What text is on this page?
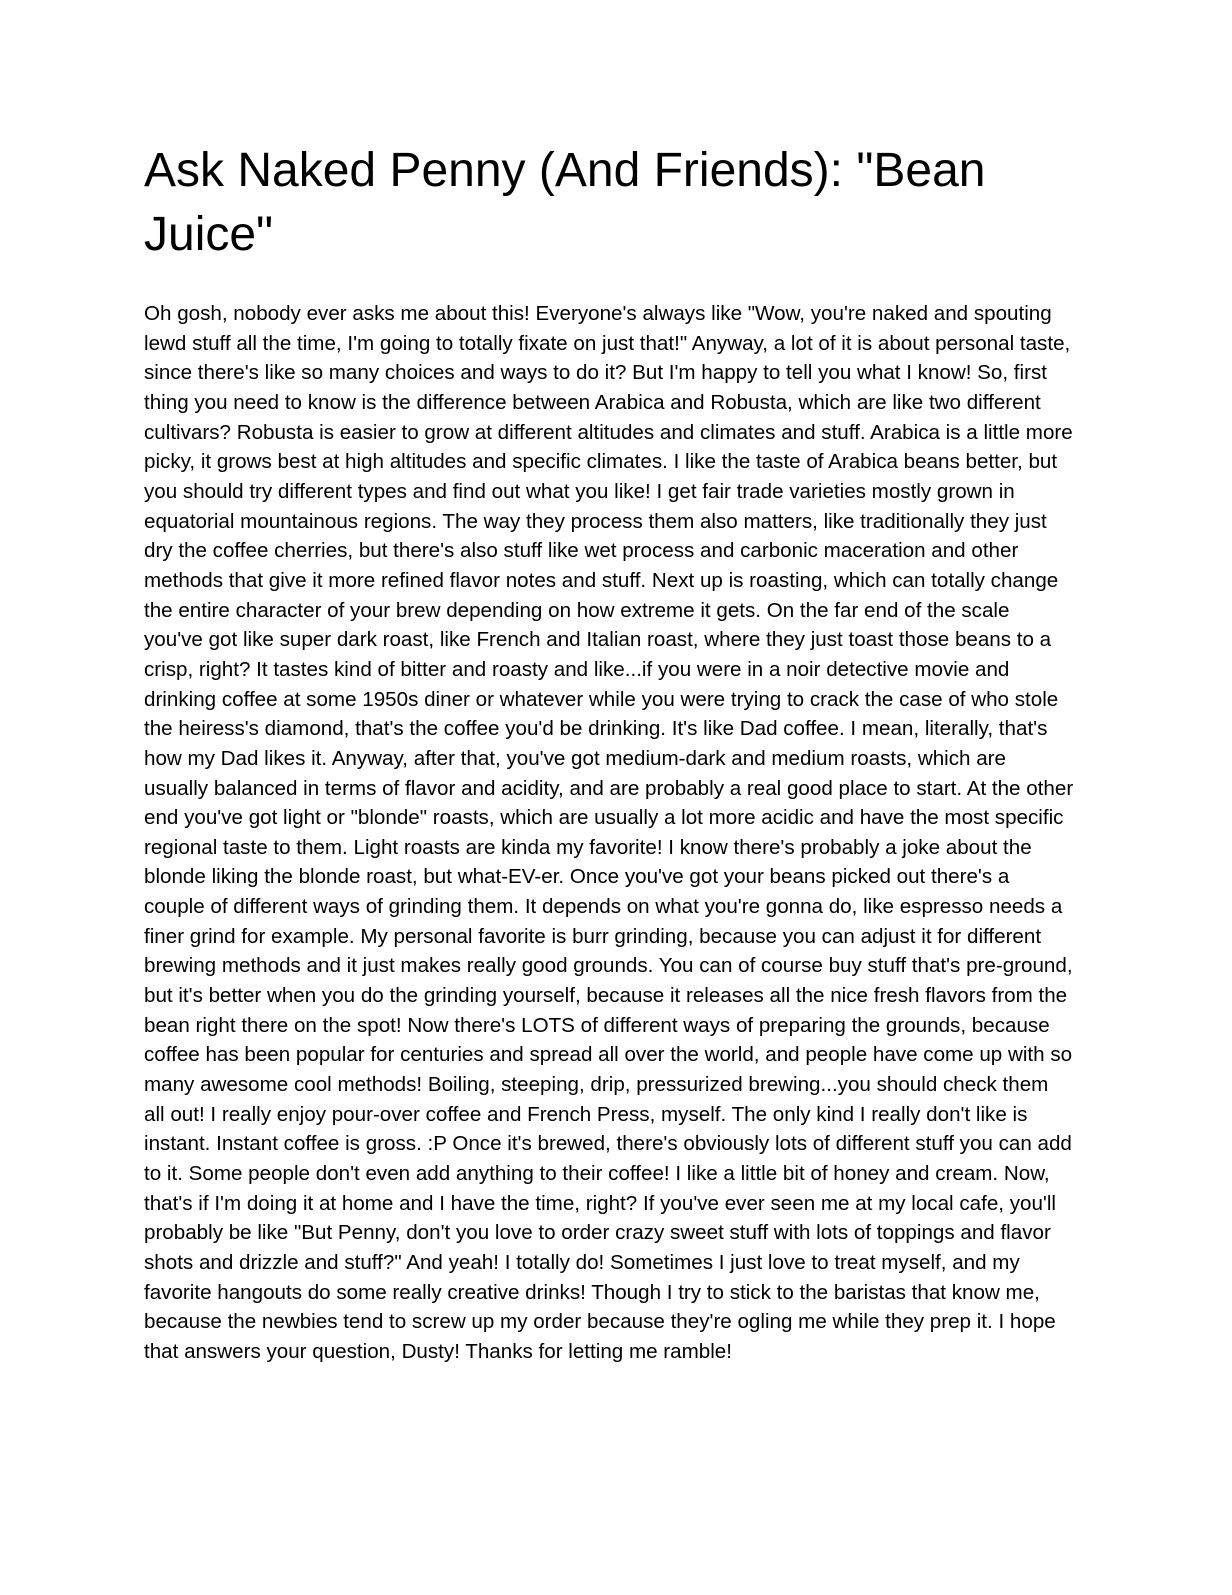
Ask Naked Penny (And Friends): "Bean Juice"

Oh gosh, nobody ever asks me about this! Everyone's always like "Wow, you're naked and spouting lewd stuff all the time, I'm going to totally fixate on just that!" Anyway, a lot of it is about personal taste, since there's like so many choices and ways to do it? But I'm happy to tell you what I know! So, first thing you need to know is the difference between Arabica and Robusta, which are like two different cultivars? Robusta is easier to grow at different altitudes and climates and stuff. Arabica is a little more picky, it grows best at high altitudes and specific climates. I like the taste of Arabica beans better, but you should try different types and find out what you like! I get fair trade varieties mostly grown in equatorial mountainous regions. The way they process them also matters, like traditionally they just dry the coffee cherries, but there's also stuff like wet process and carbonic maceration and other methods that give it more refined flavor notes and stuff. Next up is roasting, which can totally change the entire character of your brew depending on how extreme it gets. On the far end of the scale you've got like super dark roast, like French and Italian roast, where they just toast those beans to a crisp, right? It tastes kind of bitter and roasty and like...if you were in a noir detective movie and drinking coffee at some 1950s diner or whatever while you were trying to crack the case of who stole the heiress's diamond, that's the coffee you'd be drinking. It's like Dad coffee. I mean, literally, that's how my Dad likes it. Anyway, after that, you've got medium-dark and medium roasts, which are usually balanced in terms of flavor and acidity, and are probably a real good place to start. At the other end you've got light or "blonde" roasts, which are usually a lot more acidic and have the most specific regional taste to them. Light roasts are kinda my favorite! I know there's probably a joke about the blonde liking the blonde roast, but what-EV-er. Once you've got your beans picked out there's a couple of different ways of grinding them. It depends on what you're gonna do, like espresso needs a finer grind for example. My personal favorite is burr grinding, because you can adjust it for different brewing methods and it just makes really good grounds. You can of course buy stuff that's pre-ground, but it's better when you do the grinding yourself, because it releases all the nice fresh flavors from the bean right there on the spot! Now there's LOTS of different ways of preparing the grounds, because coffee has been popular for centuries and spread all over the world, and people have come up with so many awesome cool methods! Boiling, steeping, drip, pressurized brewing...you should check them all out! I really enjoy pour-over coffee and French Press, myself. The only kind I really don't like is instant. Instant coffee is gross. :P Once it's brewed, there's obviously lots of different stuff you can add to it. Some people don't even add anything to their coffee! I like a little bit of honey and cream. Now, that's if I'm doing it at home and I have the time, right? If you've ever seen me at my local cafe, you'll probably be like "But Penny, don't you love to order crazy sweet stuff with lots of toppings and flavor shots and drizzle and stuff?" And yeah! I totally do! Sometimes I just love to treat myself, and my favorite hangouts do some really creative drinks! Though I try to stick to the baristas that know me, because the newbies tend to screw up my order because they're ogling me while they prep it. I hope that answers your question, Dusty! Thanks for letting me ramble!
